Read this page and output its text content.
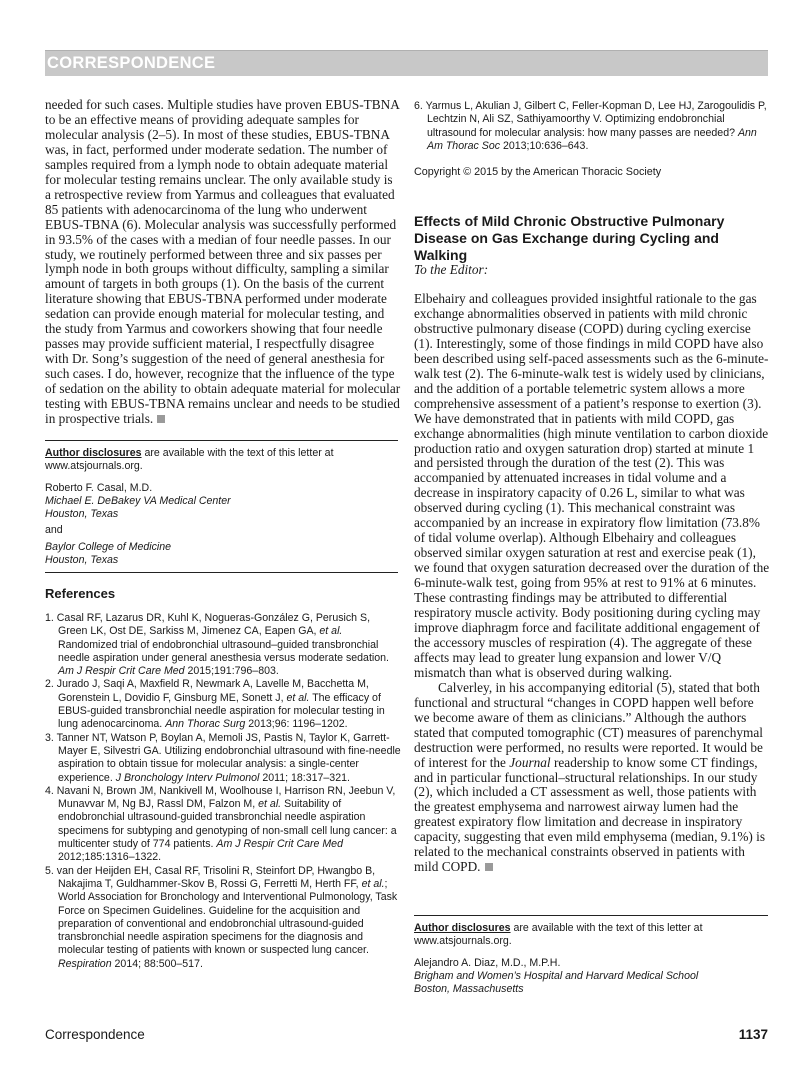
CORRESPONDENCE

needed for such cases. Multiple studies have proven EBUS-TBNA to be an effective means of providing adequate samples for molecular analysis (2–5). In most of these studies, EBUS-TBNA was, in fact, performed under moderate sedation. The number of samples required from a lymph node to obtain adequate material for molecular testing remains unclear. The only available study is a retrospective review from Yarmus and colleagues that evaluated 85 patients with adenocarcinoma of the lung who underwent EBUS-TBNA (6). Molecular analysis was successfully performed in 93.5% of the cases with a median of four needle passes. In our study, we routinely performed between three and six passes per lymph node in both groups without difficulty, sampling a similar amount of targets in both groups (1). On the basis of the current literature showing that EBUS-TBNA performed under moderate sedation can provide enough material for molecular testing, and the study from Yarmus and coworkers showing that four needle passes may provide sufficient material, I respectfully disagree with Dr. Song’s suggestion of the need of general anesthesia for such cases. I do, however, recognize that the influence of the type of sedation on the ability to obtain adequate material for molecular testing with EBUS-TBNA remains unclear and needs to be studied in prospective trials.

Author disclosures are available with the text of this letter at www.atsjournals.org.

Roberto F. Casal, M.D.

Michael E. DeBakey VA Medical Center

Houston, Texas

and

Baylor College of Medicine

Houston, Texas

References
1. Casal RF, Lazarus DR, Kuhl K, Nogueras-González G, Perusich S, Green LK, Ost DE, Sarkiss M, Jimenez CA, Eapen GA, et al. Randomized trial of endobronchial ultrasound–guided transbronchial needle aspiration under general anesthesia versus moderate sedation. Am J Respir Crit Care Med 2015;191:796–803.
2. Jurado J, Saqi A, Maxfield R, Newmark A, Lavelle M, Bacchetta M, Gorenstein L, Dovidio F, Ginsburg ME, Sonett J, et al. The efficacy of EBUS-guided transbronchial needle aspiration for molecular testing in lung adenocarcinoma. Ann Thorac Surg 2013;96: 1196–1202.
3. Tanner NT, Watson P, Boylan A, Memoli JS, Pastis N, Taylor K, Garrett-Mayer E, Silvestri GA. Utilizing endobronchial ultrasound with fine-needle aspiration to obtain tissue for molecular analysis: a single-center experience. J Bronchology Interv Pulmonol 2011; 18:317–321.
4. Navani N, Brown JM, Nankivell M, Woolhouse I, Harrison RN, Jeebun V, Munavvar M, Ng BJ, Rassl DM, Falzon M, et al. Suitability of endobronchial ultrasound-guided transbronchial needle aspiration specimens for subtyping and genotyping of non-small cell lung cancer: a multicenter study of 774 patients. Am J Respir Crit Care Med 2012;185:1316–1322.
5. van der Heijden EH, Casal RF, Trisolini R, Steinfort DP, Hwangbo B, Nakajima T, Guldhammer-Skov B, Rossi G, Ferretti M, Herth FF, et al.; World Association for Bronchology and Interventional Pulmonology, Task Force on Specimen Guidelines. Guideline for the acquisition and preparation of conventional and endobronchial ultrasound-guided transbronchial needle aspiration specimens for the diagnosis and molecular testing of patients with known or suspected lung cancer. Respiration 2014; 88:500–517.
6. Yarmus L, Akulian J, Gilbert C, Feller-Kopman D, Lee HJ, Zarogoulidis P, Lechtzin N, Ali SZ, Sathiyamoorthy V. Optimizing endobronchial ultrasound for molecular analysis: how many passes are needed? Ann Am Thorac Soc 2013;10:636–643.
Copyright © 2015 by the American Thoracic Society
Effects of Mild Chronic Obstructive Pulmonary Disease on Gas Exchange during Cycling and Walking
To the Editor:

Elbehairy and colleagues provided insightful rationale to the gas exchange abnormalities observed in patients with mild chronic obstructive pulmonary disease (COPD) during cycling exercise (1). Interestingly, some of those findings in mild COPD have also been described using self-paced assessments such as the 6-minute-walk test (2). The 6-minute-walk test is widely used by clinicians, and the addition of a portable telemetric system allows a more comprehensive assessment of a patient’s response to exertion (3). We have demonstrated that in patients with mild COPD, gas exchange abnormalities (high minute ventilation to carbon dioxide production ratio and oxygen saturation drop) started at minute 1 and persisted through the duration of the test (2). This was accompanied by attenuated increases in tidal volume and a decrease in inspiratory capacity of 0.26 L, similar to what was observed during cycling (1). This mechanical constraint was accompanied by an increase in expiratory flow limitation (73.8% of tidal volume overlap). Although Elbehairy and colleagues observed similar oxygen saturation at rest and exercise peak (1), we found that oxygen saturation decreased over the duration of the 6-minute-walk test, going from 95% at rest to 91% at 6 minutes. These contrasting findings may be attributed to differential respiratory muscle activity. Body positioning during cycling may improve diaphragm force and facilitate additional engagement of the accessory muscles of respiration (4). The aggregate of these affects may lead to greater lung expansion and lower V/Q mismatch than what is observed during walking.

Calverley, in his accompanying editorial (5), stated that both functional and structural “changes in COPD happen well before we become aware of them as clinicians.” Although the authors stated that computed tomographic (CT) measures of parenchymal destruction were performed, no results were reported. It would be of interest for the Journal readership to know some CT findings, and in particular functional–structural relationships. In our study (2), which included a CT assessment as well, those patients with the greatest emphysema and narrowest airway lumen had the greatest expiratory flow limitation and decrease in inspiratory capacity, suggesting that even mild emphysema (median, 9.1%) is related to the mechanical constraints observed in patients with mild COPD.

Author disclosures are available with the text of this letter at www.atsjournals.org.

Alejandro A. Diaz, M.D., M.P.H.

Brigham and Women’s Hospital and Harvard Medical School

Boston, Massachusetts

Correspondence	1137
